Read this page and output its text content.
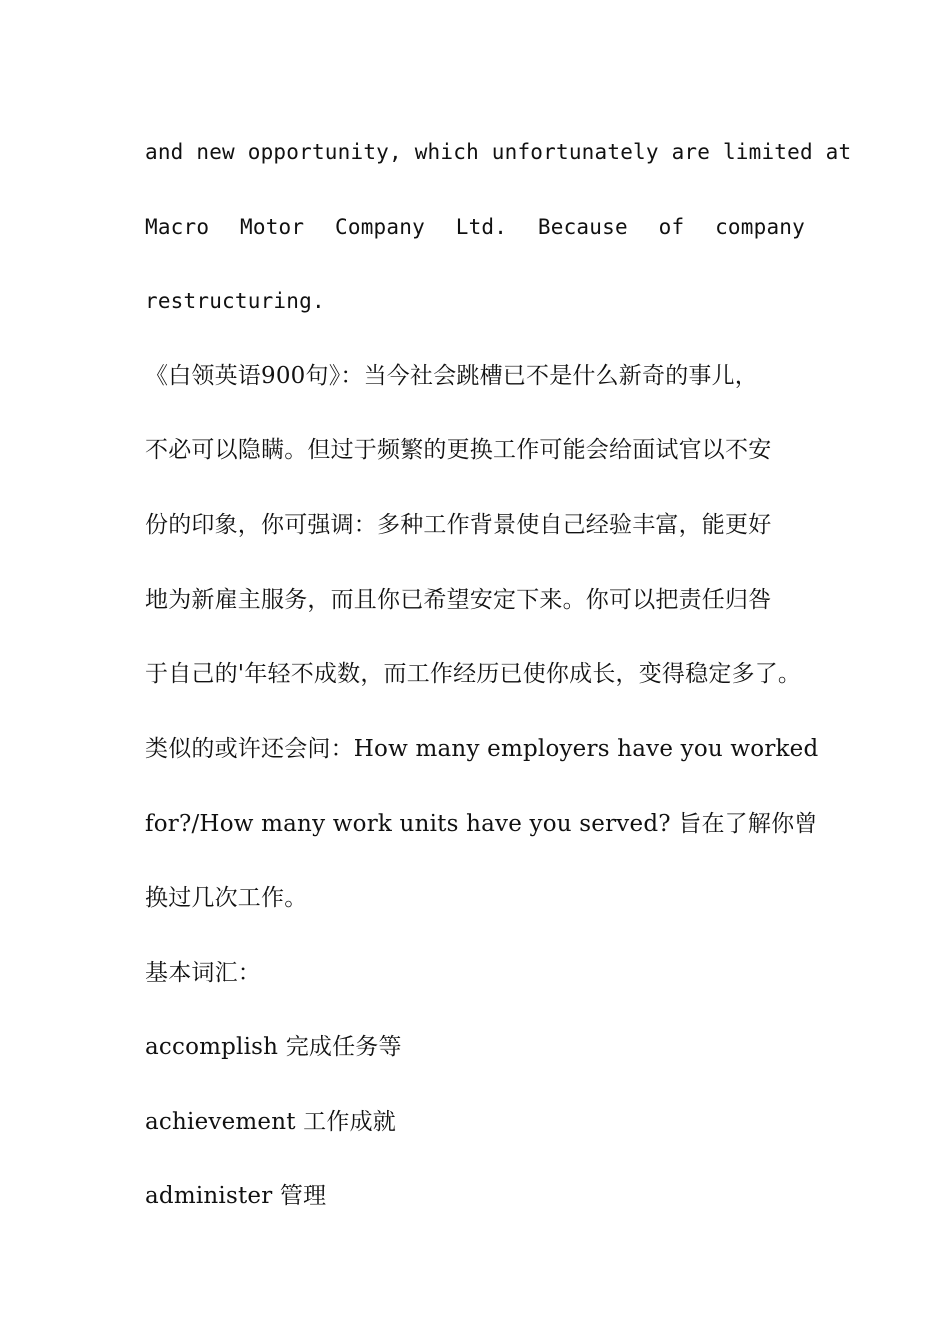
and new opportunity, which unfortunately are limited at
Macro Motor Company Ltd. Because of company
restructuring.
《白领英语900句》：当今社会跳槽已不是什么新奇的事儿，
不必可以隐瞒。但过于频繁的更换工作可能会给面试官以不安
份的印象，你可强调：多种工作背景使自己经验丰富，能更好
地为新雇主服务，而且你已希望安定下来。你可以把责任归咎
于自己的'年轻不成数，而工作经历已使你成长，变得稳定多了。
类似的或许还会问：How many employers have you worked
for?/How many work units have you served? 旨在了解你曾
换过几次工作。
基本词汇：
accomplish 完成任务等
achievement 工作成就
administer 管理
